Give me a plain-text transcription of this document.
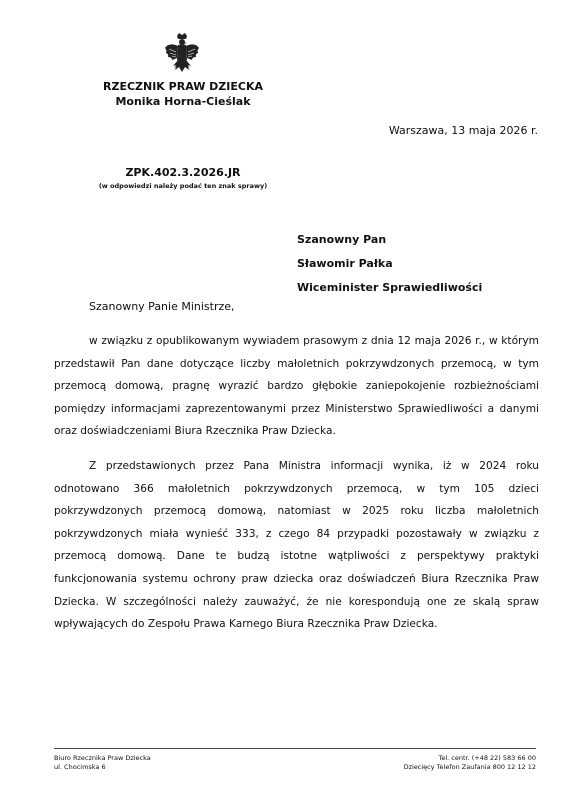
RZECZNIK PRAW DZIECKA
Monika Horna-Cieślak
Warszawa, 13 maja 2026 r.
ZPK.402.3.2026.JR
(w odpowiedzi należy podać ten znak sprawy)
Szanowny Pan
Sławomir Pałka
Wiceminister Sprawiedliwości
Szanowny Panie Ministrze,

w związku z opublikowanym wywiadem prasowym z dnia 12 maja 2026 r., w którym przedstawił Pan dane dotyczące liczby małoletnich pokrzywdzonych przemocą, w tym przemocą domową, pragnę wyrazić bardzo głębokie zaniepokojenie rozbieżnościami pomiędzy informacjami zaprezentowanymi przez Ministerstwo Sprawiedliwości a danymi oraz doświadczeniami Biura Rzecznika Praw Dziecka.

Z przedstawionych przez Pana Ministra informacji wynika, iż w 2024 roku odnotowano 366 małoletnich pokrzywdzonych przemocą, w tym 105 dzieci pokrzywdzonych przemocą domową, natomiast w 2025 roku liczba małoletnich pokrzywdzonych miała wynieść 333, z czego 84 przypadki pozostawały w związku z przemocą domową. Dane te budzą istotne wątpliwości z perspektywy praktyki funkcjonowania systemu ochrony praw dziecka oraz doświadczeń Biura Rzecznika Praw Dziecka. W szczególności należy zauważyć, że nie korespondują one ze skalą spraw wpływających do Zespołu Prawa Karnego Biura Rzecznika Praw Dziecka.

Biuro Rzecznika Praw Dziecka
ul. Chocimska 6
Tel. centr. (+48 22) 583 66 00
Dziecięcy Telefon Zaufania 800 12 12 12
